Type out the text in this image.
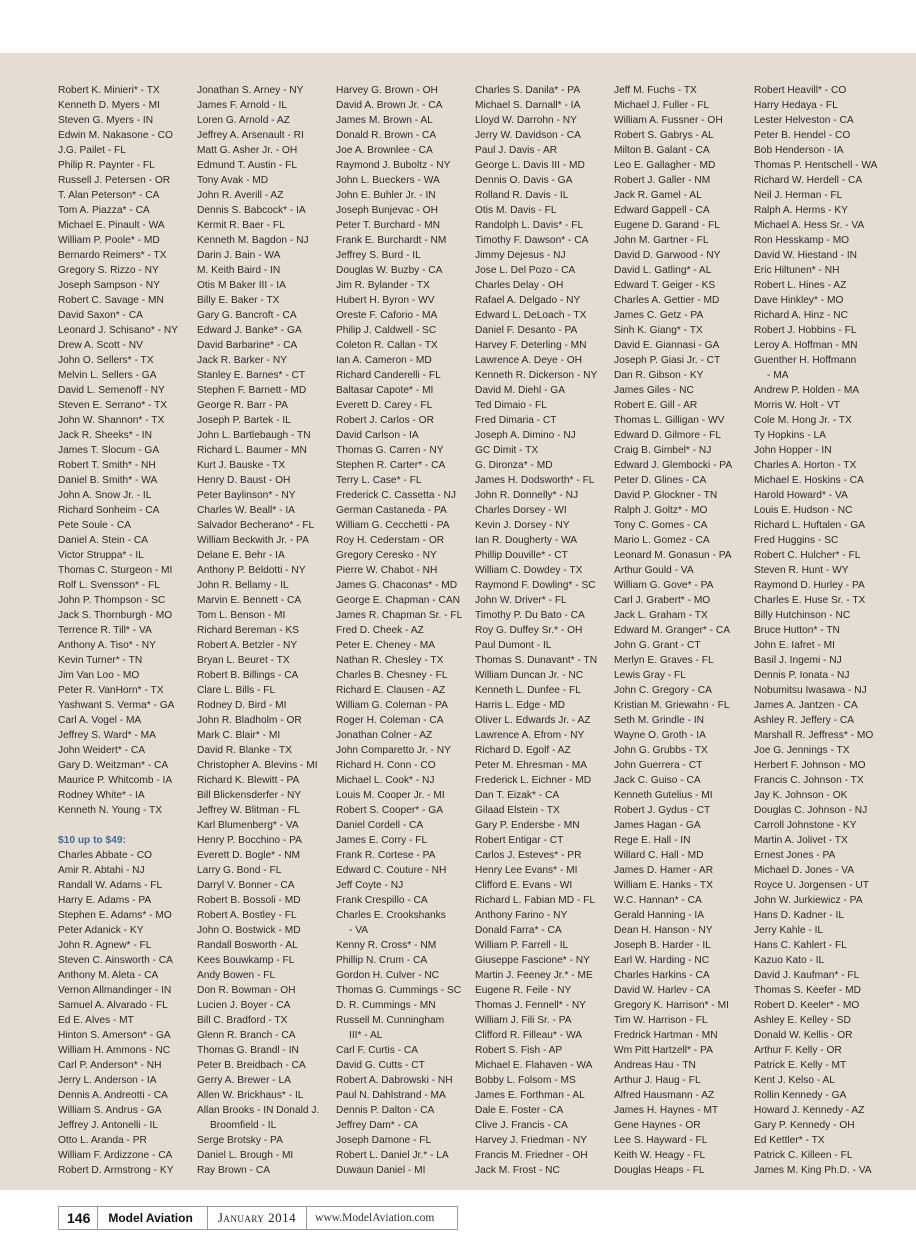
Robert K. Minieri* - TX
Kenneth D. Myers - MI
Steven G. Myers - IN
Edwin M. Nakasone - CO
J.G. Pailet - FL
Philip R. Paynter - FL
Russell J. Petersen - OR
T. Alan Peterson* - CA
Tom A. Piazza* - CA
Michael E. Pinault - WA
William P. Poole* - MD
Bernardo Reimers* - TX
Gregory S. Rizzo - NY
Joseph Sampson - NY
Robert C. Savage - MN
David Saxon* - CA
Leonard J. Schisano* - NY
Drew A. Scott - NV
John O. Sellers* - TX
Melvin L. Sellers - GA
David L. Semenoff - NY
Steven E. Serrano* - TX
John W. Shannon* - TX
Jack R. Sheeks* - IN
James T. Slocum - GA
Robert T. Smith* - NH
Daniel B. Smith* - WA
John A. Snow Jr. - IL
Richard Sonheim - CA
Pete Soule - CA
Daniel A. Stein - CA
Victor Struppa* - IL
Thomas C. Sturgeon - MI
Rolf L. Svensson* - FL
John P. Thompson - SC
Jack S. Thornburgh - MO
Terrence R. Till* - VA
Anthony A. Tiso* - NY
Kevin Turner* - TN
Jim Van Loo - MO
Peter R. VanHorn* - TX
Yashwant S. Verma* - GA
Carl A. Vogel - MA
Jeffrey S. Ward* - MA
John Weidert* - CA
Gary D. Weitzman* - CA
Maurice P. Whitcomb - IA
Rodney White* - IA
Kenneth N. Young - TX
$10 up to $49:
Charles Abbate - CO
Amir R. Abtahi - NJ
Randall W. Adams - FL
Harry E. Adams - PA
Stephen E. Adams* - MO
Peter Adanick - KY
John R. Agnew* - FL
Steven C. Ainsworth - CA
Anthony M. Aleta - CA
Vernon Allmandinger - IN
Samuel A. Alvarado - FL
Ed E. Alves - MT
Hinton S. Amerson* - GA
William H. Ammons - NC
Carl P. Anderson* - NH
Jerry L. Anderson - IA
Dennis A. Andreotti - CA
William S. Andrus - GA
Jeffrey J. Antonelli - IL
Otto L. Aranda - PR
William F. Ardizzone - CA
Robert D. Armstrong - KY
Jonathan S. Arney - NY
James F. Arnold - IL
Loren G. Arnold - AZ
Jeffrey A. Arsenault - RI
Matt G. Asher Jr. - OH
Edmund T. Austin - FL
Tony Avak - MD
John R. Averill - AZ
Dennis S. Babcock* - IA
Kermit R. Baer - FL
Kenneth M. Bagdon - NJ
Darin J. Bain - WA
M. Keith Baird - IN
Otis M Baker III - IA
Billy E. Baker - TX
Gary G. Bancroft - CA
Edward J. Banke* - GA
David Barbarine* - CA
Jack R. Barker - NY
Stanley E. Barnes* - CT
Stephen F. Barnett - MD
George R. Barr - PA
Joseph P. Bartek - IL
John L. Bartlebaugh - TN
Richard L. Baumer - MN
Kurt J. Bauske - TX
Henry D. Baust - OH
Peter Baylinson* - NY
Charles W. Beall* - IA
Salvador Becherano* - FL
William Beckwith Jr. - PA
Delane E. Behr - IA
Anthony P. Beldotti - NY
John R. Bellamy - IL
Marvin E. Bennett - CA
Tom L. Benson - MI
Richard Bereman - KS
Robert A. Betzler - NY
Bryan L. Beuret - TX
Robert B. Billings - CA
Clare L. Bills - FL
Rodney D. Bird - MI
John R. Bladholm - OR
Mark C. Blair* - MI
David R. Blanke - TX
Christopher A. Blevins - MI
Richard K. Blewitt - PA
Bill Blickensderfer - NY
Jeffrey W. Blitman - FL
Karl Blumenberg* - VA
Henry P. Bocchino - PA
Everett D. Bogle* - NM
Larry G. Bond - FL
Darryl V. Bonner - CA
Robert B. Bossoli - MD
Robert A. Bostley - FL
John O. Bostwick - MD
Randall Bosworth - AL
Kees Bouwkamp - FL
Andy Bowen - FL
Don R. Bowman - OH
Lucien J. Boyer - CA
Bill C. Bradford - TX
Glenn R. Branch - CA
Thomas G. Brandl - IN
Peter B. Breidbach - CA
Gerry A. Brewer - LA
Allen W. Brickhaus* - IL
Allan Brooks - IN Donald J.
Broomfield - IL
Serge Brotsky - PA
Daniel L. Brough - MI
Ray Brown - CA
Harvey G. Brown - OH
David A. Brown Jr. - CA
James M. Brown - AL
Donald R. Brown - CA
Joe A. Brownlee - CA
Raymond J. Buboltz - NY
John L. Bueckers - WA
John E. Buhler Jr. - IN
Joseph Bunjevac - OH
Peter T. Burchard - MN
Frank E. Burchardt - NM
Jeffrey S. Burd - IL
Douglas W. Buzby - CA
Jim R. Bylander - TX
Hubert H. Byron - WV
Oreste F. Caforio - MA
Philip J. Caldwell - SC
Coleton R. Callan - TX
Ian A. Cameron - MD
Richard Canderelli - FL
Baltasar Capote* - MI
Everett D. Carey - FL
Robert J. Carlos - OR
David Carlson - IA
Thomas G. Carren - NY
Stephen R. Carter* - CA
Terry L. Case* - FL
Frederick C. Cassetta - NJ
German Castaneda - PA
William G. Cecchetti - PA
Roy H. Cederstam - OR
Gregory Ceresko - NY
Pierre W. Chabot - NH
James G. Chaconas* - MD
George E. Chapman - CAN
James R. Chapman Sr. - FL
Fred D. Cheek - AZ
Peter E. Cheney - MA
Nathan R. Chesley - TX
Charles B. Chesney - FL
Richard E. Clausen - AZ
William G. Coleman - PA
Roger H. Coleman - CA
Jonathan Colner - AZ
John Comparetto Jr. - NY
Richard H. Conn - CO
Michael L. Cook* - NJ
Louis M. Cooper Jr. - MI
Robert S. Cooper* - GA
Daniel Cordell - CA
James E. Corry - FL
Frank R. Cortese - PA
Edward C. Couture - NH
Jeff Coyte - NJ
Frank Crespillo - CA
Charles E. Crookshanks
- VA
Kenny R. Cross* - NM
Phillip N. Crum - CA
Gordon H. Culver - NC
Thomas G. Cummings - SC
D. R. Cummings - MN
Russell M. Cunningham
III* - AL
Carl F. Curtis - CA
David G. Cutts - CT
Robert A. Dabrowski - NH
Paul N. Dahlstrand - MA
Dennis P. Dalton - CA
Jeffrey Dam* - CA
Joseph Damone - FL
Robert L. Daniel Jr.* - LA
Duwaun Daniel - MI
Charles S. Danila* - PA
Michael S. Darnall* - IA
Lloyd W. Darrohn - NY
Jerry W. Davidson - CA
Paul J. Davis - AR
George L. Davis III - MD
Dennis O. Davis - GA
Rolland R. Davis - IL
Otis M. Davis - FL
Randolph L. Davis* - FL
Timothy F. Dawson* - CA
Jimmy Dejesus - NJ
Jose L. Del Pozo - CA
Charles Delay - OH
Rafael A. Delgado - NY
Edward L. DeLoach - TX
Daniel F. Desanto - PA
Harvey F. Deterling - MN
Lawrence A. Deye - OH
Kenneth R. Dickerson - NY
David M. Diehl - GA
Ted Dimaio - FL
Fred Dimaria - CT
Joseph A. Dimino - NJ
GC Dimit - TX
G. Dironza* - MD
James H. Dodsworth* - FL
John R. Donnelly* - NJ
Charles Dorsey - WI
Kevin J. Dorsey - NY
Ian R. Dougherty - WA
Phillip Douville* - CT
William C. Dowdey - TX
Raymond F. Dowling* - SC
John W. Driver* - FL
Timothy P. Du Bato - CA
Roy G. Duffey Sr.* - OH
Paul Dumont - IL
Thomas S. Dunavant* - TN
William Duncan Jr. - NC
Kenneth L. Dunfee - FL
Harris L. Edge - MD
Oliver L. Edwards Jr. - AZ
Lawrence A. Efrom - NY
Richard D. Egolf - AZ
Peter M. Ehresman - MA
Frederick L. Eichner - MD
Dan T. Eizak* - CA
Gilaad Elstein - TX
Gary P. Endersbe - MN
Robert Entigar - CT
Carlos J. Esteves* - PR
Henry Lee Evans* - MI
Clifford E. Evans - WI
Richard L. Fabian MD - FL
Anthony Farino - NY
Donald Farra* - CA
William P. Farrell - IL
Giuseppe Fascione* - NY
Martin J. Feeney Jr.* - ME
Eugene R. Feile - NY
Thomas J. Fennell* - NY
William J. Fili Sr. - PA
Clifford R. Filleau* - WA
Robert S. Fish - AP
Michael E. Flahaven - WA
Bobby L. Folsom - MS
James E. Forthman - AL
Dale E. Foster - CA
Clive J. Francis - CA
Harvey J. Friedman - NY
Francis M. Friedner - OH
Jack M. Frost - NC
Jeff M. Fuchs - TX
Michael J. Fuller - FL
William A. Fussner - OH
Robert S. Gabrys - AL
Milton B. Galant - CA
Leo E. Gallagher - MD
Robert J. Galler - NM
Jack R. Gamel - AL
Edward Gappell - CA
Eugene D. Garand - FL
John M. Gartner - FL
David D. Garwood - NY
David L. Gatling* - AL
Edward T. Geiger - KS
Charles A. Gettier - MD
James C. Getz - PA
Sinh K. Giang* - TX
David E. Giannasi - GA
Joseph P. Giasi Jr. - CT
Dan R. Gibson - KY
James Giles - NC
Robert E. Gill - AR
Thomas L. Gilligan - WV
Edward D. Gilmore - FL
Craig B. Gimbel* - NJ
Edward J. Glembocki - PA
Peter D. Glines - CA
David P. Glockner - TN
Ralph J. Goltz* - MO
Tony C. Gomes - CA
Mario L. Gomez - CA
Leonard M. Gonasun - PA
Arthur Gould - VA
William G. Gove* - PA
Carl J. Grabert* - MO
Jack L. Graham - TX
Edward M. Granger* - CA
John G. Grant - CT
Merlyn E. Graves - FL
Lewis Gray - FL
John C. Gregory - CA
Kristian M. Griewahn - FL
Seth M. Grindle - IN
Wayne O. Groth - IA
John G. Grubbs - TX
John Guerrera - CT
Jack C. Guiso - CA
Kenneth Gutelius - MI
Robert J. Gydus - CT
James Hagan - GA
Rege E. Hall - IN
Willard C. Hall - MD
James D. Hamer - AR
William E. Hanks - TX
W.C. Hannan* - CA
Gerald Hanning - IA
Dean H. Hanson - NY
Joseph B. Harder - IL
Earl W. Harding - NC
Charles Harkins - CA
David W. Harlev - CA
Gregory K. Harrison* - MI
Tim W. Harrison - FL
Fredrick Hartman - MN
Wm Pitt Hartzell* - PA
Andreas Hau - TN
Arthur J. Haug - FL
Alfred Hausmann - AZ
James H. Haynes - MT
Gene Haynes - OR
Lee S. Hayward - FL
Keith W. Heagy - FL
Douglas Heaps - FL
Robert Heavill* - CO
Harry Hedaya - FL
Lester Helveston - CA
Peter B. Hendel - CO
Bob Henderson - IA
Thomas P. Hentschell - WA
Richard W. Herdell - CA
Neil J. Herman - FL
Ralph A. Herms - KY
Michael A. Hess Sr. - VA
Ron Hesskamp - MO
David W. Hiestand - IN
Eric Hiltunen* - NH
Robert L. Hines - AZ
Dave Hinkley* - MO
Richard A. Hinz - NC
Robert J. Hobbins - FL
Leroy A. Hoffman - MN
Guenther H. Hoffmann
- MA
Andrew P. Holden - MA
Morris W. Holt - VT
Cole M. Hong Jr. - TX
Ty Hopkins - LA
John Hopper - IN
Charles A. Horton - TX
Michael E. Hoskins - CA
Harold Howard* - VA
Louis E. Hudson - NC
Richard L. Huftalen - GA
Fred Huggins - SC
Robert C. Hulcher* - FL
Steven R. Hunt - WY
Raymond D. Hurley - PA
Charles E. Huse Sr. - TX
Billy Hutchinson - NC
Bruce Hutton* - TN
John E. Iafret - MI
Basil J. Ingemi - NJ
Dennis P. Ionata - NJ
Nobumitsu Iwasawa - NJ
James A. Jantzen - CA
Ashley R. Jeffery - CA
Marshall R. Jeffress* - MO
Joe G. Jennings - TX
Herbert F. Johnson - MO
Francis C. Johnson - TX
Jay K. Johnson - OK
Douglas C. Johnson - NJ
Carroll Johnstone - KY
Martin A. Jolivet - TX
Ernest Jones - PA
Michael D. Jones - VA
Royce U. Jorgensen - UT
John W. Jurkiewicz - PA
Hans D. Kadner - IL
Jerry Kahle - IL
Hans C. Kahlert - FL
Kazuo Kato - IL
David J. Kaufman* - FL
Thomas S. Keefer - MD
Robert D. Keeler* - MO
Ashley E. Kelley - SD
Donald W. Kellis - OR
Arthur F. Kelly - OR
Patrick E. Kelly - MT
Kent J. Kelso - AL
Rollin Kennedy - GA
Howard J. Kennedy - AZ
Gary P. Kennedy - OH
Ed Kettler* - TX
Patrick C. Killeen - FL
James M. King Ph.D. - VA
146	Model Aviation	January 2014	www.ModelAviation.com
